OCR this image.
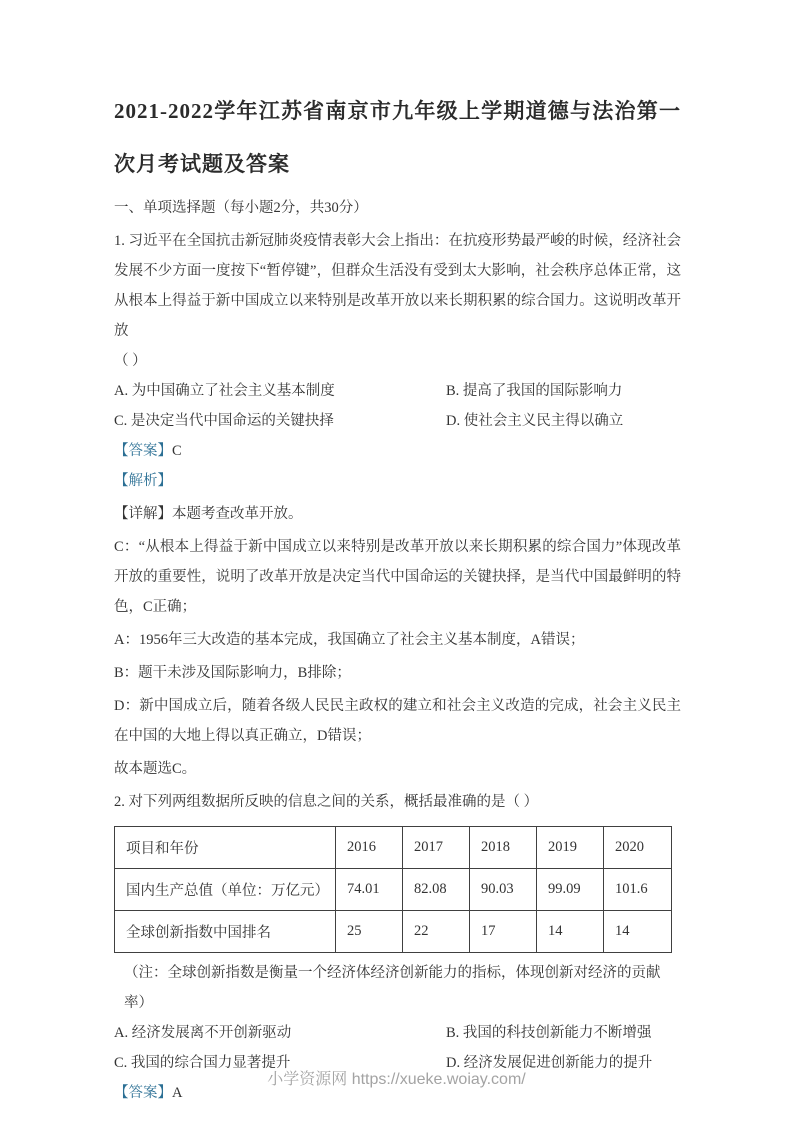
2021-2022学年江苏省南京市九年级上学期道德与法治第一次月考试题及答案
一、单项选择题（每小题2分，共30分）

1. 习近平在全国抗击新冠肺炎疫情表彰大会上指出：在抗疫形势最严峻的时候，经济社会发展不少方面一度按下“暂停键”，但群众生活没有受到太大影响，社会秩序总体正常，这从根本上得益于新中国成立以来特别是改革开放以来长期积累的综合国力。这说明改革开放

（ ）
A. 为中国确立了社会主义基本制度	B. 提高了我国的国际影响力
C. 是决定当代中国命运的关键抉择	D. 使社会主义民主得以确立
【答案】C
【解析】

【详解】本题考查改革开放。

C：“从根本上得益于新中国成立以来特别是改革开放以来长期积累的综合国力”体现改革开放的重要性，说明了改革开放是决定当代中国命运的关键抉择，是当代中国最鲜明的特色，C正确；

A：1956年三大改造的基本完成，我国确立了社会主义基本制度，A错误；

B：题干未涉及国际影响力，B排除；

D：新中国成立后，随着各级人民民主政权的建立和社会主义改造的完成，社会主义民主在中国的大地上得以真正确立，D错误；

故本题选C。

2. 对下列两组数据所反映的信息之间的关系，概括最准确的是（ ）

项目和年份	2016	2017	2018	2019	2020
国内生产总值（单位：万亿元）	74.01	82.08	90.03	99.09	101.6
全球创新指数中国排名	25	22	17	14	14
（注：全球创新指数是衡量一个经济体经济创新能力的指标，体现创新对经济的贡献率）
A. 经济发展离不开创新驱动	B. 我国的科技创新能力不断增强
C. 我国的综合国力显著提升	D. 经济发展促进创新能力的提升
【答案】A
小学资源网 https://xueke.woiay.com/
